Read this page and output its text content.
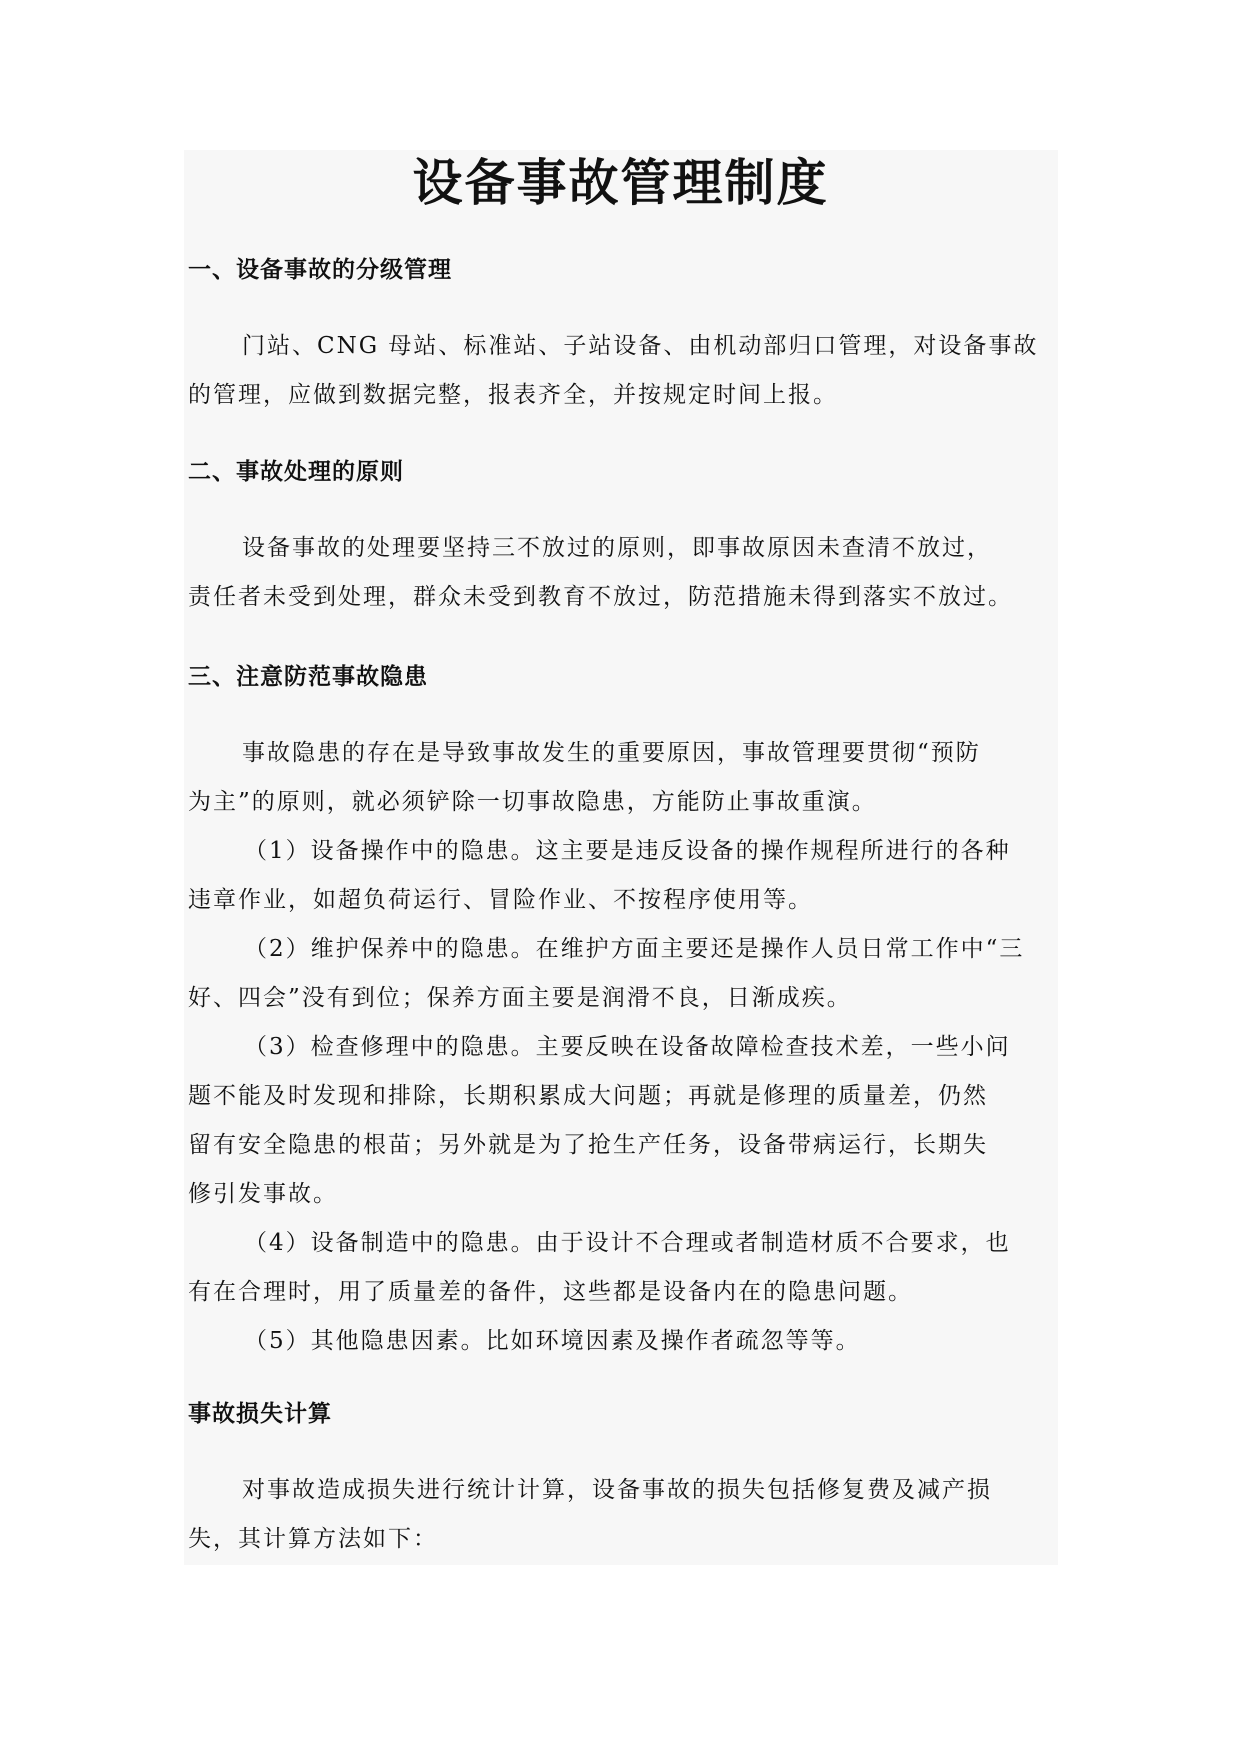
设备事故管理制度
一、设备事故的分级管理
门站、CNG 母站、标准站、子站设备、由机动部归口管理，对设备事故
的管理，应做到数据完整，报表齐全，并按规定时间上报。
二、事故处理的原则
设备事故的处理要坚持三不放过的原则，即事故原因未查清不放过，
责任者未受到处理，群众未受到教育不放过，防范措施未得到落实不放过。
三、注意防范事故隐患
事故隐患的存在是导致事故发生的重要原因，事故管理要贯彻“预防
为主”的原则，就必须铲除一切事故隐患，方能防止事故重演。
（1）设备操作中的隐患。这主要是违反设备的操作规程所进行的各种
违章作业，如超负荷运行、冒险作业、不按程序使用等。
（2）维护保养中的隐患。在维护方面主要还是操作人员日常工作中“三
好、四会”没有到位；保养方面主要是润滑不良，日渐成疾。
（3）检查修理中的隐患。主要反映在设备故障检查技术差，一些小问
题不能及时发现和排除，长期积累成大问题；再就是修理的质量差，仍然
留有安全隐患的根苗；另外就是为了抢生产任务，设备带病运行，长期失
修引发事故。
（4）设备制造中的隐患。由于设计不合理或者制造材质不合要求，也
有在合理时，用了质量差的备件，这些都是设备内在的隐患问题。
（5）其他隐患因素。比如环境因素及操作者疏忽等等。
事故损失计算
对事故造成损失进行统计计算，设备事故的损失包括修复费及减产损
失，其计算方法如下：
